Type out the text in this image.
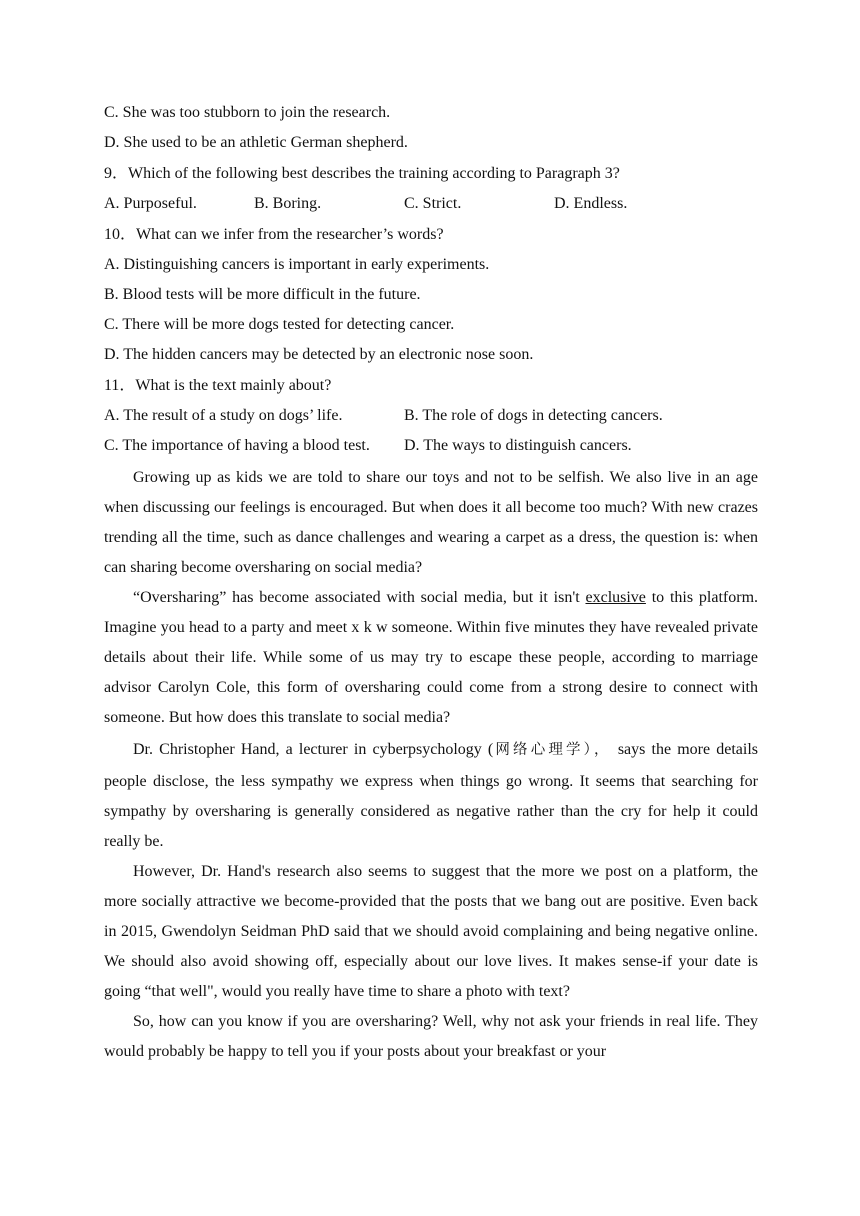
C. She was too stubborn to join the research.
D. She used to be an athletic German shepherd.
9．Which of the following best describes the training according to Paragraph 3?
A. Purposeful.	B. Boring.	C. Strict.	D. Endless.
10．What can we infer from the researcher’s words?
A. Distinguishing cancers is important in early experiments.
B. Blood tests will be more difficult in the future.
C. There will be more dogs tested for detecting cancer.
D. The hidden cancers may be detected by an electronic nose soon.
11．What is the text mainly about?
A. The result of a study on dogs’ life.	B. The role of dogs in detecting cancers.
C. The importance of having a blood test.	D. The ways to distinguish cancers.

Growing up as kids we are told to share our toys and not to be selfish. We also live in an age when discussing our feelings is encouraged. But when does it all become too much? With new crazes trending all the time, such as dance challenges and wearing a carpet as a dress, the question is: when can sharing become oversharing on social media?

“Oversharing” has become associated with social media, but it isn't exclusive to this platform. Imagine you head to a party and meet x k w someone. Within five minutes they have revealed private details about their life. While some of us may try to escape these people, according to marriage advisor Carolyn Cole, this form of oversharing could come from a strong desire to connect with someone. But how does this translate to social media?

Dr. Christopher Hand, a lecturer in cyberpsychology (网络心理学）， says the more details people disclose, the less sympathy we express when things go wrong. It seems that searching for sympathy by oversharing is generally considered as negative rather than the cry for help it could really be.

However, Dr. Hand's research also seems to suggest that the more we post on a platform, the more socially attractive we become-provided that the posts that we bang out are positive. Even back in 2015, Gwendolyn Seidman PhD said that we should avoid complaining and being negative online. We should also avoid showing off, especially about our love lives. It makes sense-if your date is going “that well", would you really have time to share a photo with text?

So, how can you know if you are oversharing? Well, why not ask your friends in real life. They would probably be happy to tell you if your posts about your breakfast or your
